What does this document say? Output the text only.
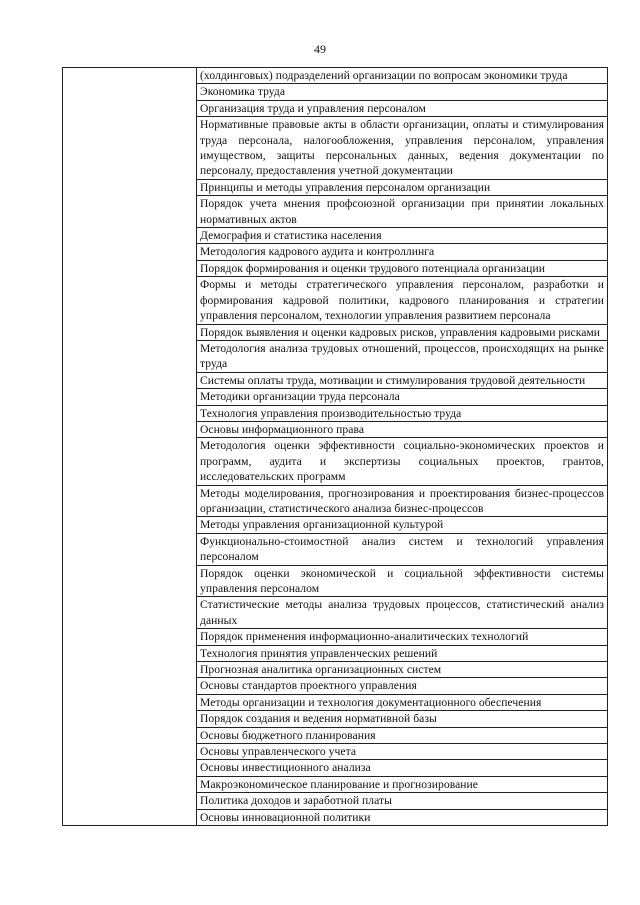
49

(холдинговых) подразделений организации по вопросам экономики труда

Экономика труда

Организация труда и управления персоналом

Нормативные правовые акты в области организации, оплаты и стимулирования труда персонала, налогообложения, управления персоналом, управления имуществом, защиты персональных данных, ведения документации по персоналу, предоставления учетной документации

Принципы и методы управления персоналом организации

Порядок учета мнения профсоюзной организации при принятии локальных нормативных актов

Демография и статистика населения

Методология кадрового аудита и контроллинга

Порядок формирования и оценки трудового потенциала организации

Формы и методы стратегического управления персоналом, разработки и формирования кадровой политики, кадрового планирования и стратегии управления персоналом, технологии управления развитием персонала

Порядок выявления и оценки кадровых рисков, управления кадровыми рисками

Методология анализа трудовых отношений, процессов, происходящих на рынке труда

Системы оплаты труда, мотивации и стимулирования трудовой деятельности

Методики организации труда персонала

Технология управления производительностью труда

Основы информационного права

Методология оценки эффективности социально-экономических проектов и программ, аудита и экспертизы социальных проектов, грантов, исследовательских программ

Методы моделирования, прогнозирования и проектирования бизнес-процессов организации, статистического анализа бизнес-процессов

Методы управления организационной культурой

Функционально-стоимостной анализ систем и технологий управления персоналом

Порядок оценки экономической и социальной эффективности системы управления персоналом

Статистические методы анализа трудовых процессов, статистический анализ данных

Порядок применения информационно-аналитических технологий

Технология принятия управленческих решений

Прогнозная аналитика организационных систем

Основы стандартов проектного управления

Методы организации и технология документационного обеспечения

Порядок создания и ведения нормативной базы

Основы бюджетного планирования

Основы управленческого учета

Основы инвестиционного анализа

Макроэкономическое планирование и прогнозирование

Политика доходов и заработной платы

Основы инновационной политики
